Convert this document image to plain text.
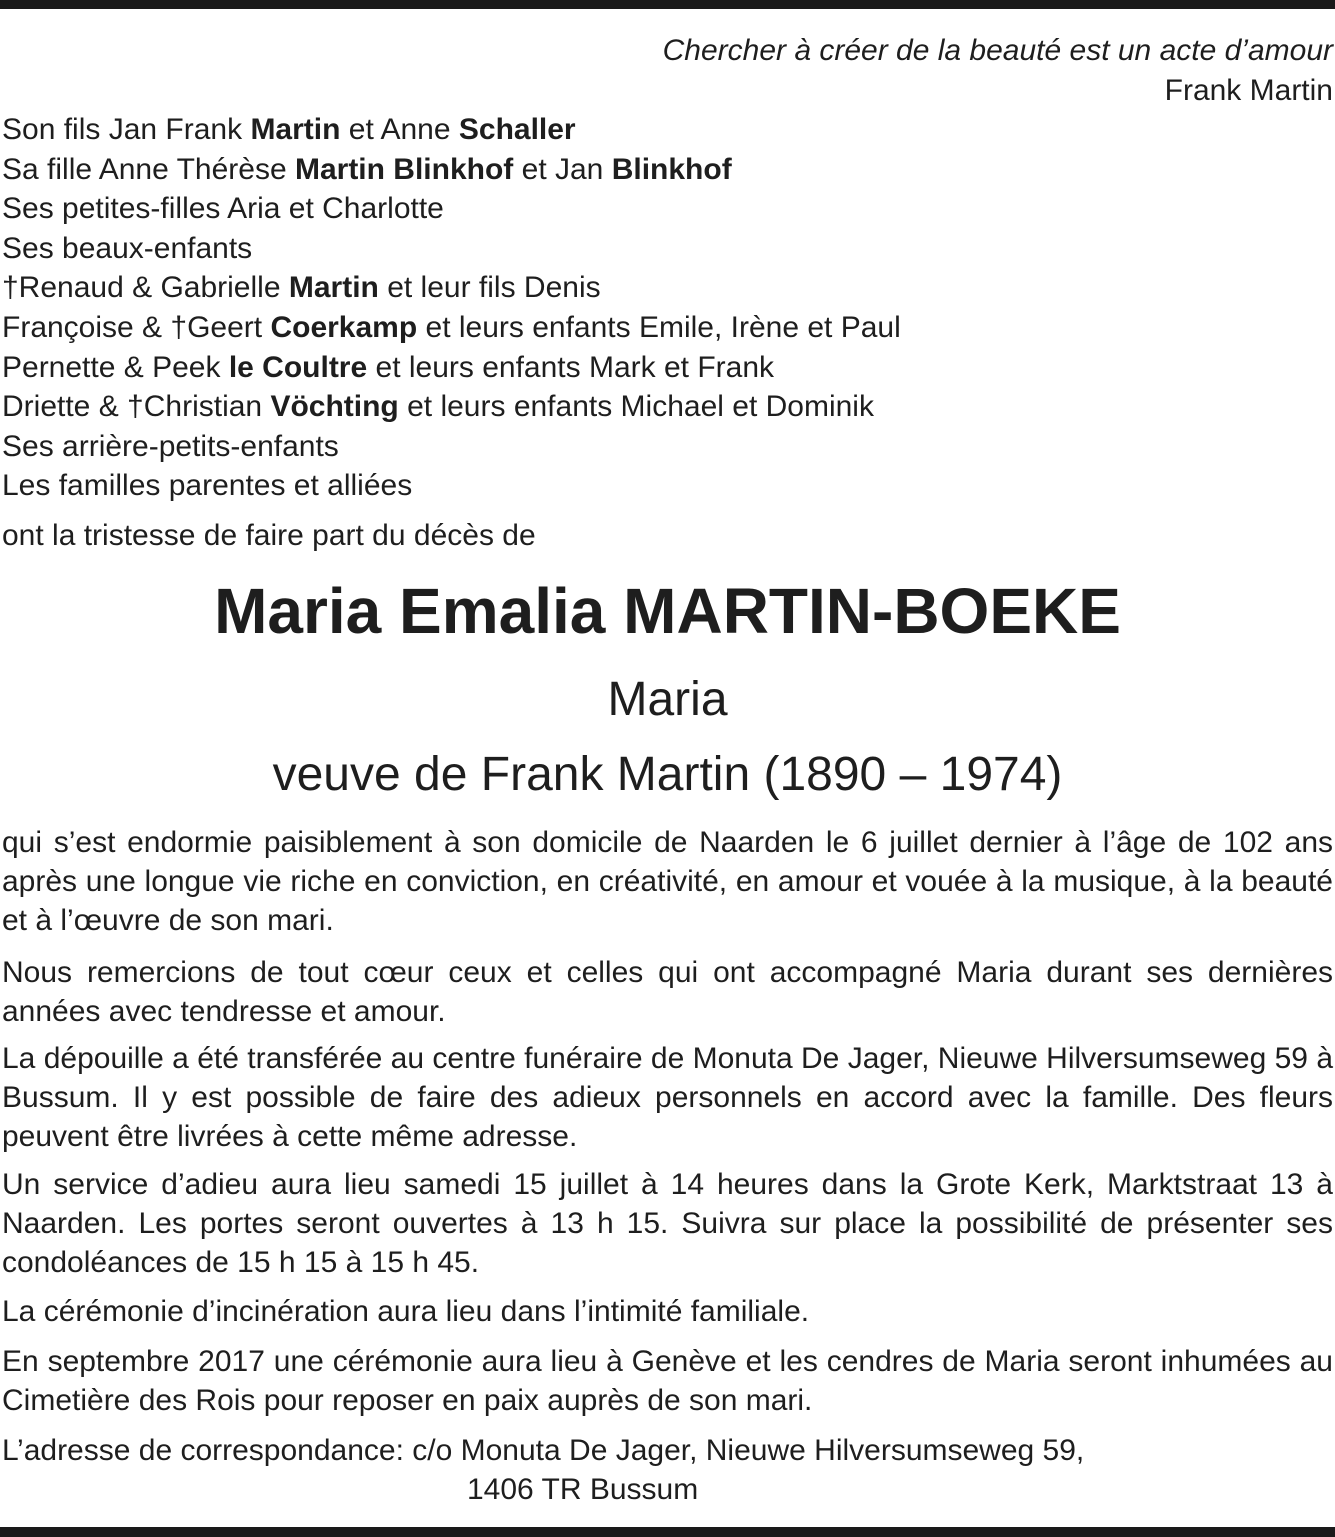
Chercher à créer de la beauté est un acte d’amour
Frank Martin
Son fils Jan Frank Martin et Anne Schaller
Sa fille Anne Thérèse Martin Blinkhof et Jan Blinkhof
Ses petites-filles Aria et Charlotte
Ses beaux-enfants
†Renaud & Gabrielle Martin et leur fils Denis
Françoise & †Geert Coerkamp et leurs enfants Emile, Irène et Paul
Pernette & Peek le Coultre et leurs enfants Mark et Frank
Driette & †Christian Vöchting et leurs enfants Michael et Dominik
Ses arrière-petits-enfants
Les familles parentes et alliées
ont la tristesse de faire part du décès de
Maria Emalia MARTIN-BOEKE
Maria
veuve de Frank Martin (1890 – 1974)
qui s’est endormie paisiblement à son domicile de Naarden le 6 juillet dernier à l’âge de 102 ans après une longue vie riche en conviction, en créativité, en amour et vouée à la musique, à la beauté et à l’œuvre de son mari.
Nous remercions de tout cœur ceux et celles qui ont accompagné Maria durant ses dernières années avec tendresse et amour.
La dépouille a été transférée au centre funéraire de Monuta De Jager, Nieuwe Hilversumseweg 59 à Bussum. Il y est possible de faire des adieux personnels en accord avec la famille. Des fleurs peuvent être livrées à cette même adresse.
Un service d’adieu aura lieu samedi 15 juillet à 14 heures dans la Grote Kerk, Marktstraat 13 à Naarden. Les portes seront ouvertes à 13 h 15. Suivra sur place la possibilité de présenter ses condoléances de 15 h 15 à 15 h 45.
La cérémonie d’incinération aura lieu dans l’intimité familiale.
En septembre 2017 une cérémonie aura lieu à Genève et les cendres de Maria seront inhumées au Cimetière des Rois pour reposer en paix auprès de son mari.
L’adresse de correspondance: c/o Monuta De Jager, Nieuwe Hilversumseweg 59,
1406 TR Bussum
